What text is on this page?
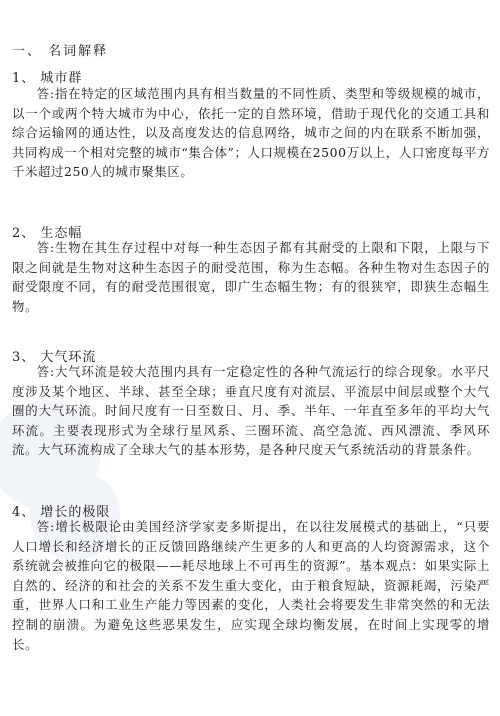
一、 名词解释
1、 城市群
答:指在特定的区域范围内具有相当数量的不同性质、类型和等级规模的城市，以一个或两个特大城市为中心，依托一定的自然环境，借助于现代化的交通工具和综合运输网的通达性，以及高度发达的信息网络，城市之间的内在联系不断加强，共同构成一个相对完整的城市“集合体”；人口规模在2500万以上，人口密度每平方千米超过250人的城市聚集区。
2、 生态幅
答:生物在其生存过程中对每一种生态因子都有其耐受的上限和下限，上限与下限之间就是生物对这种生态因子的耐受范围，称为生态幅。各种生物对生态因子的耐受限度不同，有的耐受范围很宽，即广生态幅生物；有的很狭窄，即狭生态幅生物。
3、 大气环流
答:大气环流是较大范围内具有一定稳定性的各种气流运行的综合现象。水平尺度涉及某个地区、半球、甚至全球；垂直尺度有对流层、平流层中间层或整个大气圈的大气环流。时间尺度有一日至数日、月、季、半年、一年直至多年的平均大气环流。主要表现形式为全球行星风系、三圈环流、高空急流、西风漂流、季风环流。大气环流构成了全球大气的基本形势，是各种尺度天气系统活动的背景条件。
4、 增长的极限
答:增长极限论由美国经济学家麦多斯提出，在以往发展模式的基础上，“只要人口增长和经济增长的正反馈回路继续产生更多的人和更高的人均资源需求，这个系统就会被推向它的极限——耗尽地球上不可再生的资源”。基本观点：如果实际上自然的、经济的和社会的关系不发生重大变化，由于粮食短缺，资源耗竭，污染严重，世界人口和工业生产能力等因素的变化，人类社会将要发生非常突然的和无法控制的崩溃。为避免这些恶果发生，应实现全球均衡发展，在时间上实现零的增长。
